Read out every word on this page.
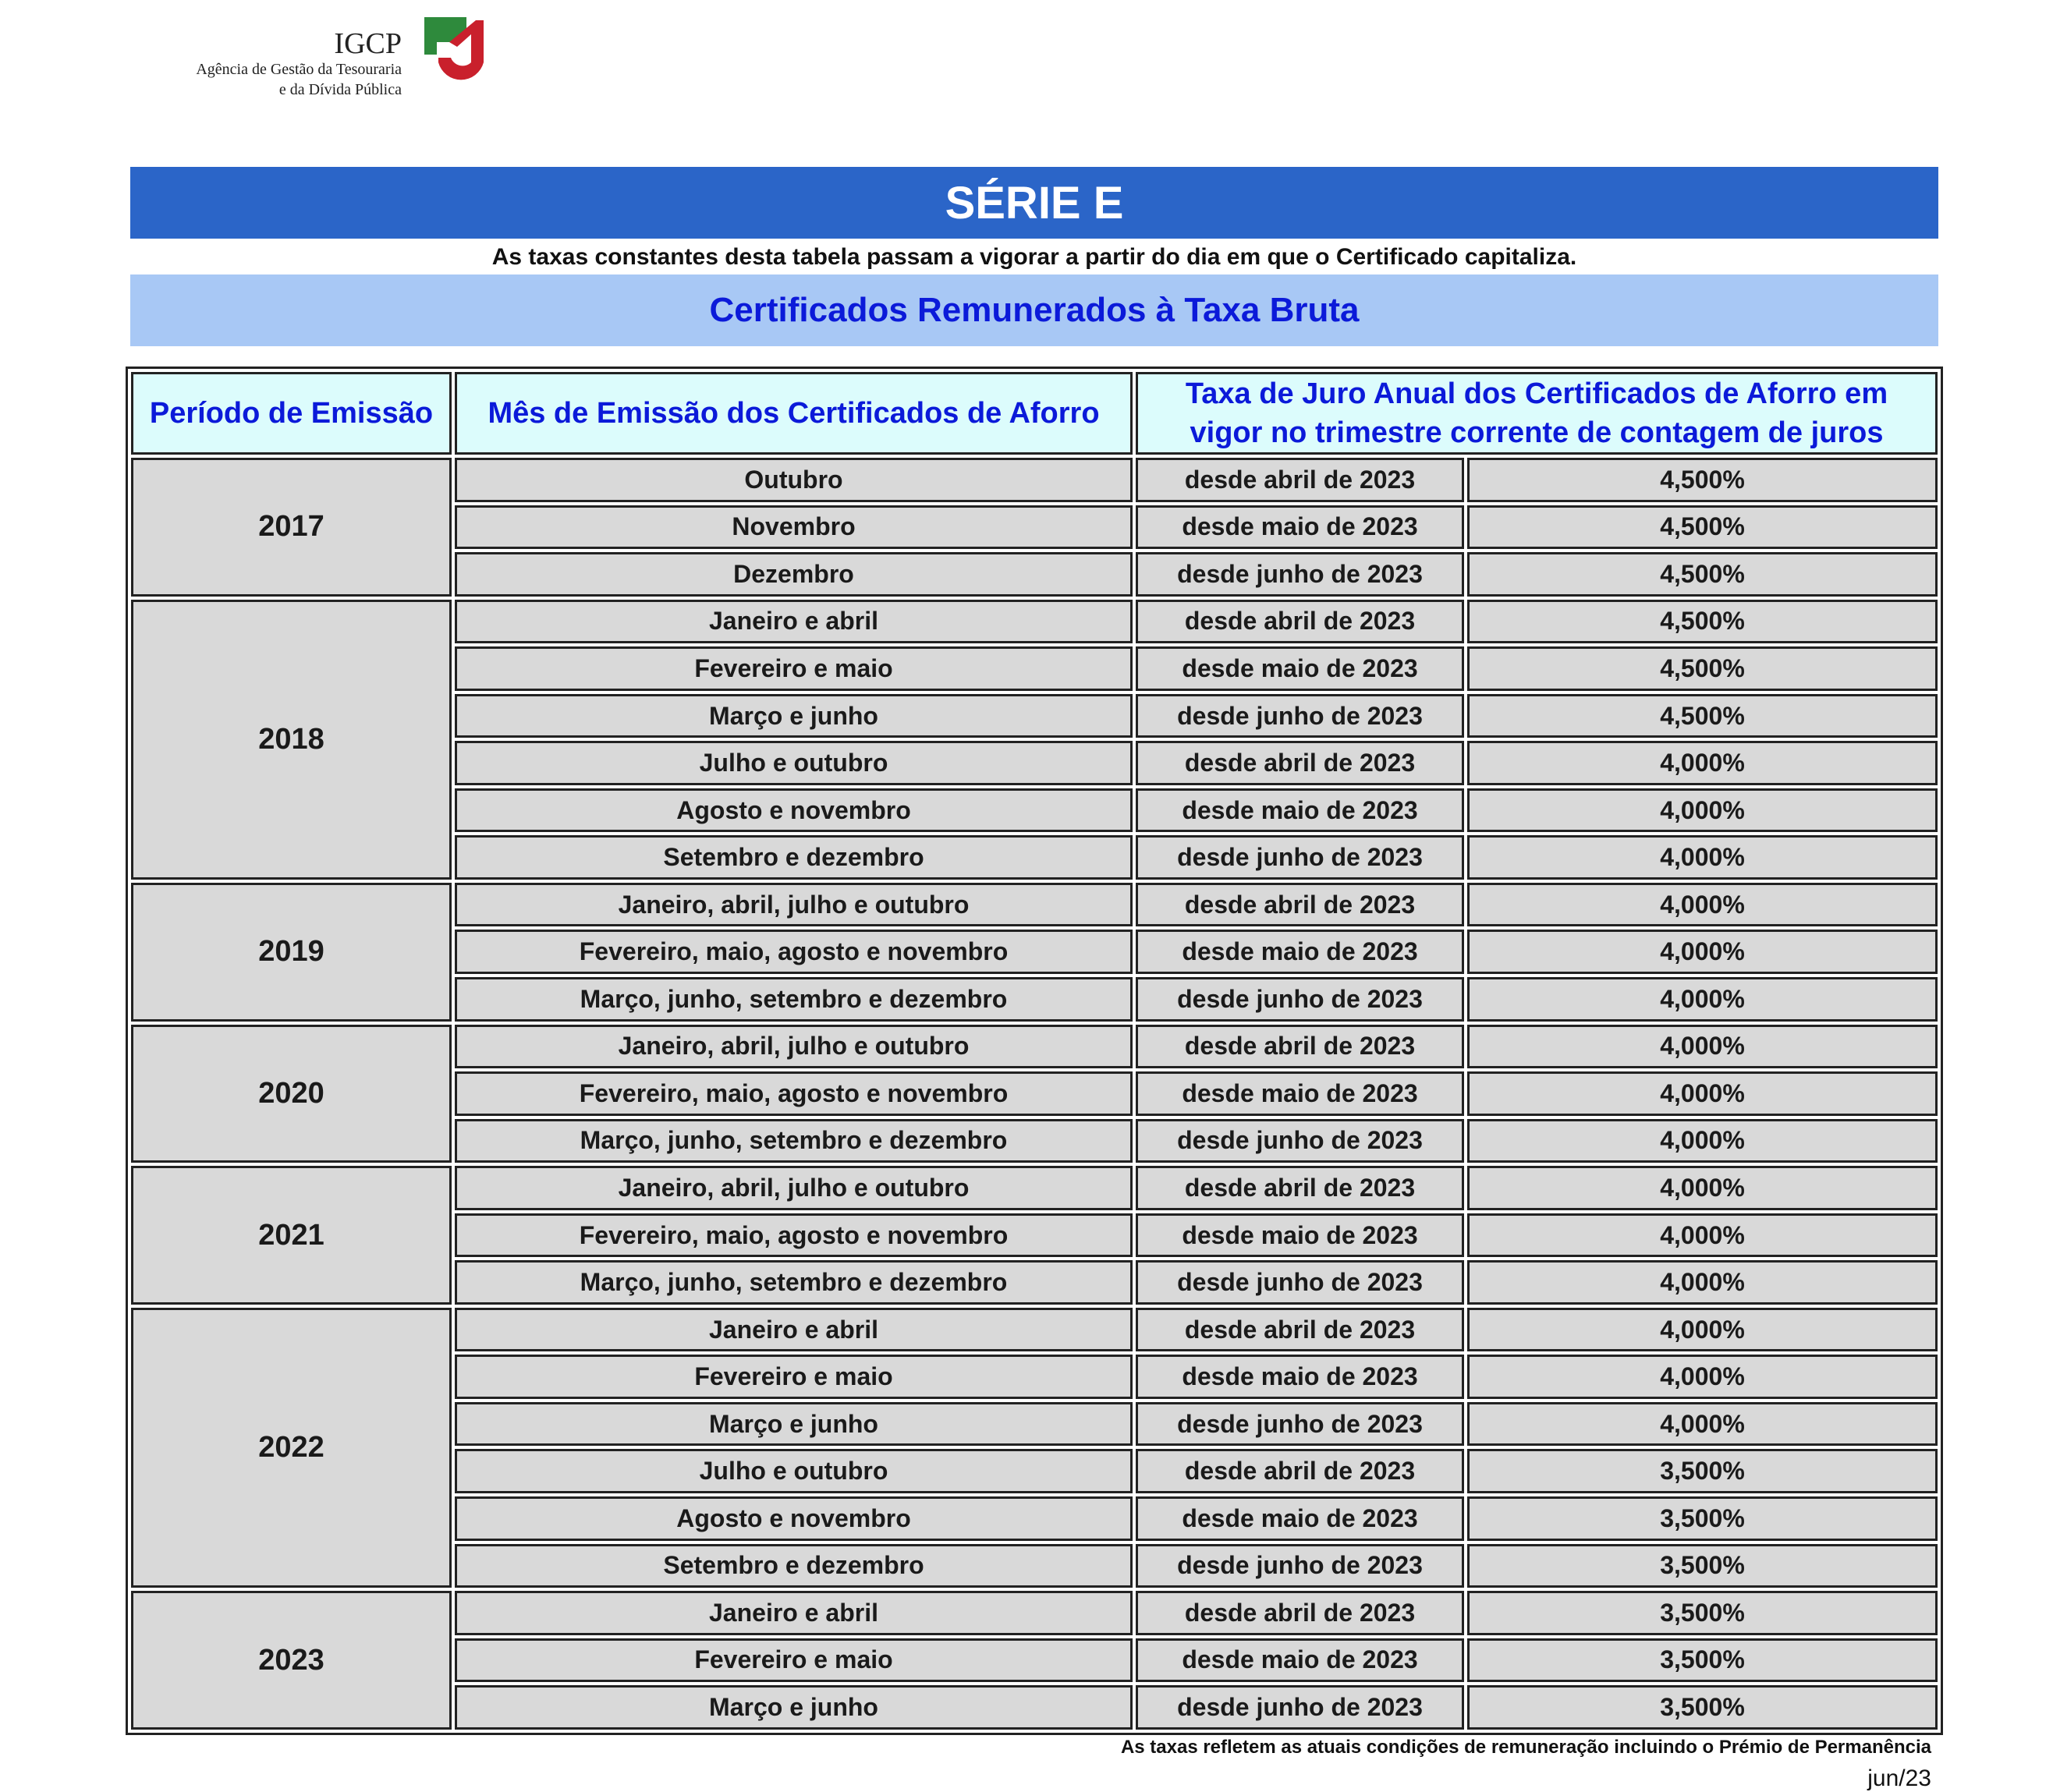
IGCP
Agência de Gestão da Tesouraria
e da Dívida Pública
SÉRIE E
As taxas constantes desta tabela passam a vigorar a partir do dia em que o Certificado capitaliza.
Certificados Remunerados à Taxa Bruta
Período de Emissão	Mês de Emissão dos Certificados de Aforro	Taxa de Juro Anual dos Certificados de Aforro em
vigor no trimestre corrente de contagem de juros	
2017	Outubro	desde abril de 2023	4,500%
	Novembro	desde maio de 2023	4,500%
	Dezembro	desde junho de 2023	4,500%
2018	Janeiro e abril	desde abril de 2023	4,500%
	Fevereiro e maio	desde maio de 2023	4,500%
	Março e junho	desde junho de 2023	4,500%
	Julho e outubro	desde abril de 2023	4,000%
	Agosto e novembro	desde maio de 2023	4,000%
	Setembro e dezembro	desde junho de 2023	4,000%
2019	Janeiro, abril, julho e outubro	desde abril de 2023	4,000%
	Fevereiro, maio, agosto e novembro	desde maio de 2023	4,000%
	Março, junho, setembro e dezembro	desde junho de 2023	4,000%
2020	Janeiro, abril, julho e outubro	desde abril de 2023	4,000%
	Fevereiro, maio, agosto e novembro	desde maio de 2023	4,000%
	Março, junho, setembro e dezembro	desde junho de 2023	4,000%
2021	Janeiro, abril, julho e outubro	desde abril de 2023	4,000%
	Fevereiro, maio, agosto e novembro	desde maio de 2023	4,000%
	Março, junho, setembro e dezembro	desde junho de 2023	4,000%
2022	Janeiro e abril	desde abril de 2023	4,000%
	Fevereiro e maio	desde maio de 2023	4,000%
	Março e junho	desde junho de 2023	4,000%
	Julho e outubro	desde abril de 2023	3,500%
	Agosto e novembro	desde maio de 2023	3,500%
	Setembro e dezembro	desde junho de 2023	3,500%
2023	Janeiro e abril	desde abril de 2023	3,500%
	Fevereiro e maio	desde maio de 2023	3,500%
	Março e junho	desde junho de 2023	3,500%
As taxas refletem as atuais condições de remuneração incluindo o Prémio de Permanência
jun/23
